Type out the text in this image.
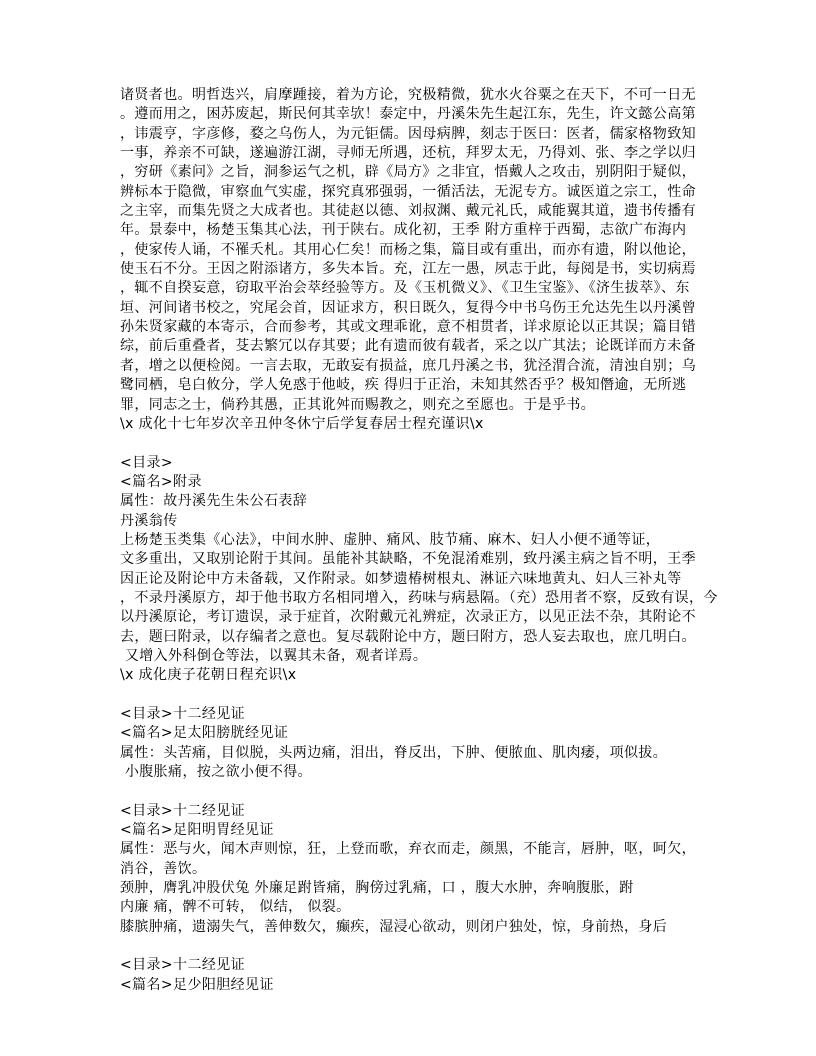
诸贤者也。明哲迭兴，肩摩踵接，着为方论，究极精微，犹水火谷粟之在天下，不可一日无
。遵而用之，困苏废起，斯民何其幸欤！泰定中，丹溪朱先生起江东，先生，许文懿公高第
，讳震亨，字彦修，婺之乌伤人，为元钜儒。因母病脾，刻志于医曰：医者，儒家格物致知
一事，养亲不可缺，遂遍游江湖，寻师无所遇，还杭，拜罗太无，乃得刘、张、李之学以归
，穷研《素问》之旨，洞参运气之机，辟《局方》之非宜，悟戴人之攻击，别阴阳于疑似，
辨标本于隐微，审察血气实虚，探究真邪强弱，一循活法，无泥专方。诚医道之宗工，性命
之主宰，而集先贤之大成者也。其徒赵以德、刘叔渊、戴元礼氏，咸能翼其道，遗书传播有
年。景泰中，杨楚玉集其心法，刊于陕右。成化初，王季 附方重梓于西蜀，志欲广布海内
，使家传人诵，不罹夭札。其用心仁矣！而杨之集，篇目或有重出，而亦有遗，附以他论，
使玉石不分。王因之附添诸方，多失本旨。充，江左一愚，夙志于此，每阅是书，实切病焉
，辄不自揆妄意，窃取平治会萃经验等方。及《玉机微义》、《卫生宝鉴》、《济生拔萃》、东
垣、河间诸书校之，究尾会首，因证求方，积日既久，复得今中书乌伤王允达先生以丹溪曾
孙朱贤家藏的本寄示，合而参考，其或文理乖讹，意不相贯者，详求原论以正其误；篇目错
综，前后重叠者，芟去繁冗以存其要；此有遗而彼有载者，采之以广其法；论既详而方未备
者，增之以便检阅。一言去取，无敢妄有损益，庶几丹溪之书，犹泾渭合流，清浊自别；乌
鹭同栖，皂白攸分，学人免惑于他岐，疾 得归于正治，未知其然否乎？极知僭逾，无所逃
罪，同志之士，倘矜其愚，正其讹舛而赐教之，则充之至愿也。于是乎书。
\x 成化十七年岁次辛丑仲冬休宁后学复春居士程充谨识\x

<目录>
<篇名>附录
属性：故丹溪先生朱公石表辞
丹溪翁传
上杨楚玉类集《心法》，中间水肿、虚肿、痛风、肢节痛、麻木、妇人小便不通等证，
文多重出，又取别论附于其间。虽能补其缺略，不免混淆难别，致丹溪主病之旨不明，王季
因正论及附论中方未备载，又作附录。如梦遗椿树根丸、淋证六味地黄丸、妇人三补丸等
，不录丹溪原方，却于他书取方名相同增入，药味与病悬隔。（充）恐用者不察，反致有误，今
以丹溪原论，考订遗误，录于症首，次附戴元礼辨症，次录正方，以见正法不杂，其附论不
去，题曰附录，以存编者之意也。复尽载附论中方，题曰附方，恐人妄去取也，庶几明白。
又增入外科倒仓等法，以翼其未备，观者详焉。
\x 成化庚子花朝日程充识\x

<目录>十二经见证
<篇名>足太阳膀胱经见证
属性：头苦痛，目似脱，头两边痛，泪出，脊反出，下肿、便脓血、肌肉痿，项似拔。
小腹胀痛，按之欲小便不得。

<目录>十二经见证
<篇名>足阳明胃经见证
属性：恶与火，闻木声则惊，狂，上登而歌，弃衣而走，颜黑，不能言，唇肿，呕，呵欠，
消谷，善饮。
颈肿，膺乳冲股伏兔 外廉足跗皆痛，胸傍过乳痛，口 ，腹大水肿，奔响腹胀，跗
内廉 痛，髀不可转， 似结， 似裂。
膝膑肿痛，遗溺失气，善伸数欠，癫疾，湿浸心欲动，则闭户独处，惊，身前热，身后

<目录>十二经见证
<篇名>足少阳胆经见证
